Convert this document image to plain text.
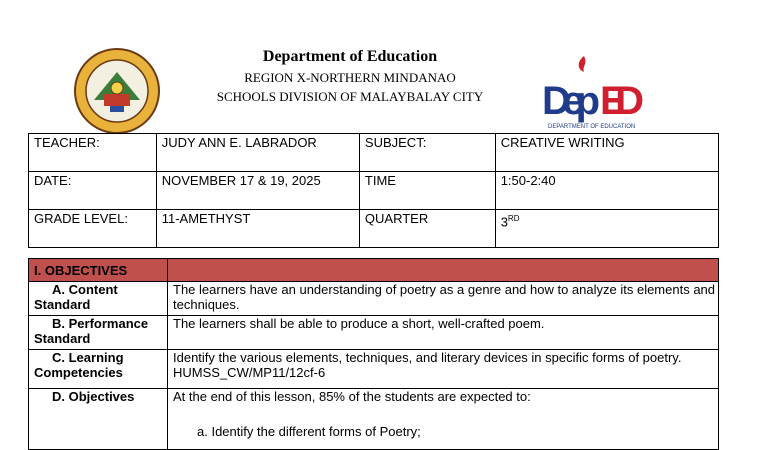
Department of Education
REGION X-NORTHERN MINDANAO
SCHOOLS DIVISION OF MALAYBALAY CITY	Dep ED
DEPARTMENT OF EDUCATION
TEACHER:	JUDY ANN E. LABRADOR	SUBJECT:	CREATIVE WRITING
DATE:	NOVEMBER 17 & 19, 2025	TIME	1:50-2:40
GRADE LEVEL:	11-AMETHYST	QUARTER	3RD
I. OBJECTIVES	

A. Content
Standard	The learners have an understanding of poetry as a genre and how to analyze its elements and techniques.

B. Performance
Standard	The learners shall be able to produce a short, well-crafted poem.

C. Learning
Competencies	Identify the various elements, techniques, and literary devices in specific forms of poetry. HUMSS_CW/MP11/12cf-6

D. Objectives	At the end of this lesson, 85% of the students are expected to:
a. Identify the different forms of Poetry;
